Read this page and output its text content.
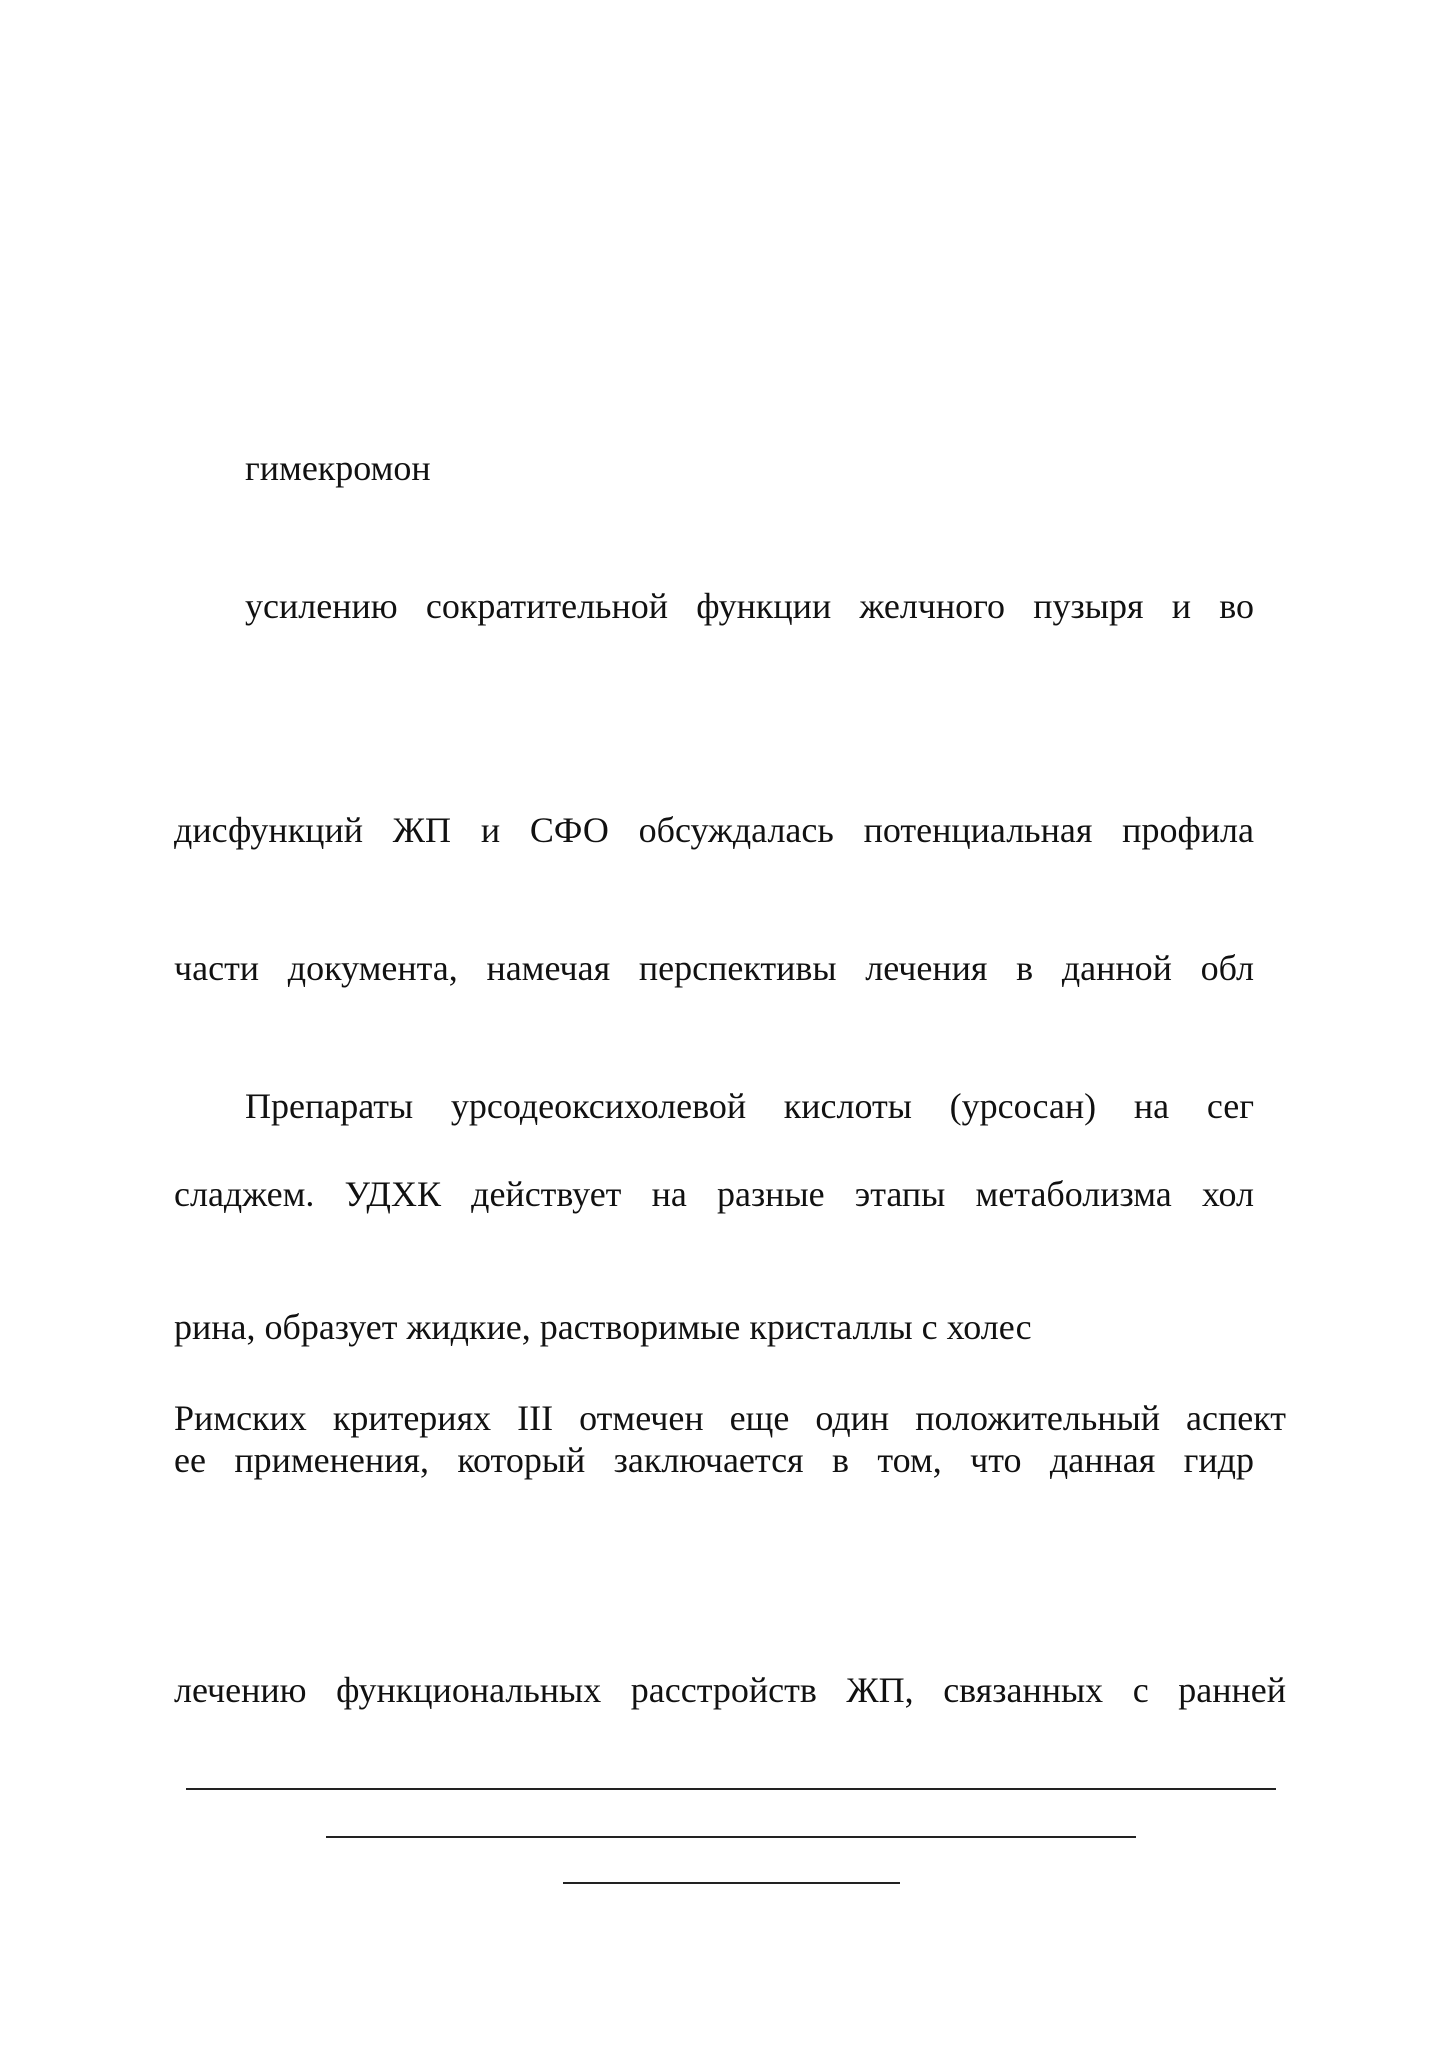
гимекромон
усилению сократительной функции желчного пузыря и во
дисфункций ЖП и СФО обсуждалась потенциальная профила
части документа, намечая перспективы лечения в данной обл
Препараты урсодеоксихолевой кислоты (урсосан) на сег
сладжем. УДХК действует на разные этапы метаболизма хол
рина, образует жидкие, растворимые кристаллы с холес
Римских критериях III отмечен еще один положительный аспект
ее применения, который заключается в том, что данная гидр
лечению функциональных расстройств ЖП, связанных с ранней
